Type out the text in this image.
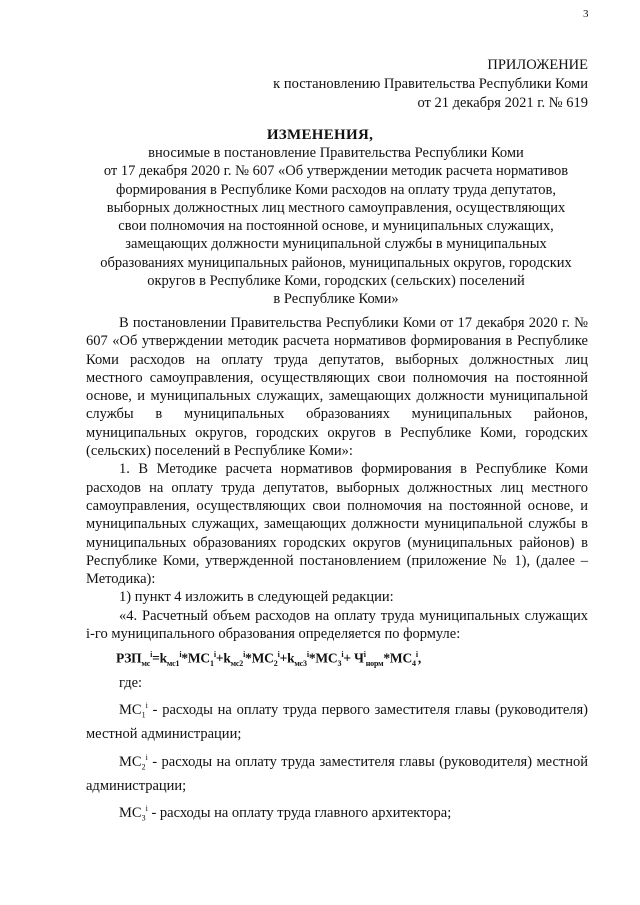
3
ПРИЛОЖЕНИЕ
к постановлению Правительства Республики Коми
от 21 декабря 2021 г. № 619
ИЗМЕНЕНИЯ,
вносимые в постановление Правительства Республики Коми
от 17 декабря 2020 г. № 607 «Об утверждении методик расчета нормативов
формирования в Республике Коми расходов на оплату труда депутатов,
выборных должностных лиц местного самоуправления, осуществляющих
свои полномочия на постоянной основе, и муниципальных служащих,
замещающих должности муниципальной службы в муниципальных
образованиях муниципальных районов, муниципальных округов, городских
округов в Республике Коми, городских (сельских) поселений
в Республике Коми»

В постановлении Правительства Республики Коми от 17 декабря 2020 г. № 607 «Об утверждении методик расчета нормативов формирования в Республике Коми расходов на оплату труда депутатов, выборных должностных лиц местного самоуправления, осуществляющих свои полномочия на постоянной основе, и муниципальных служащих, замещающих должности муниципальной службы в муниципальных образованиях муниципальных районов, муниципальных округов, городских округов в Республике Коми, городских (сельских) поселений в Республике Коми»:

1. В Методике расчета нормативов формирования в Республике Коми расходов на оплату труда депутатов, выборных должностных лиц местного самоуправления, осуществляющих свои полномочия на постоянной основе, и муниципальных служащих, замещающих должности муниципальной службы в муниципальных образованиях городских округов (муниципальных районов) в Республике Коми, утвержденной постановлением (приложение № 1), (далее – Методика):

1) пункт 4 изложить в следующей редакции:

«4. Расчетный объем расходов на оплату труда муниципальных служащих i-го муниципального образования определяется по формуле:

$РЗП_{мс}^i=k_{мс1}^i*МС_1^i+k_{мс2}^i*МС_2^i+k_{мс3}^i*МС_3^i+ Ч^i_{норм}*МС_4^i$,

где:

$МС_1^i$ - расходы на оплату труда первого заместителя главы (руководителя) местной администрации;

$МС_2^i$ - расходы на оплату труда заместителя главы (руководителя) местной администрации;

$МС_3^i$ - расходы на оплату труда главного архитектора;
